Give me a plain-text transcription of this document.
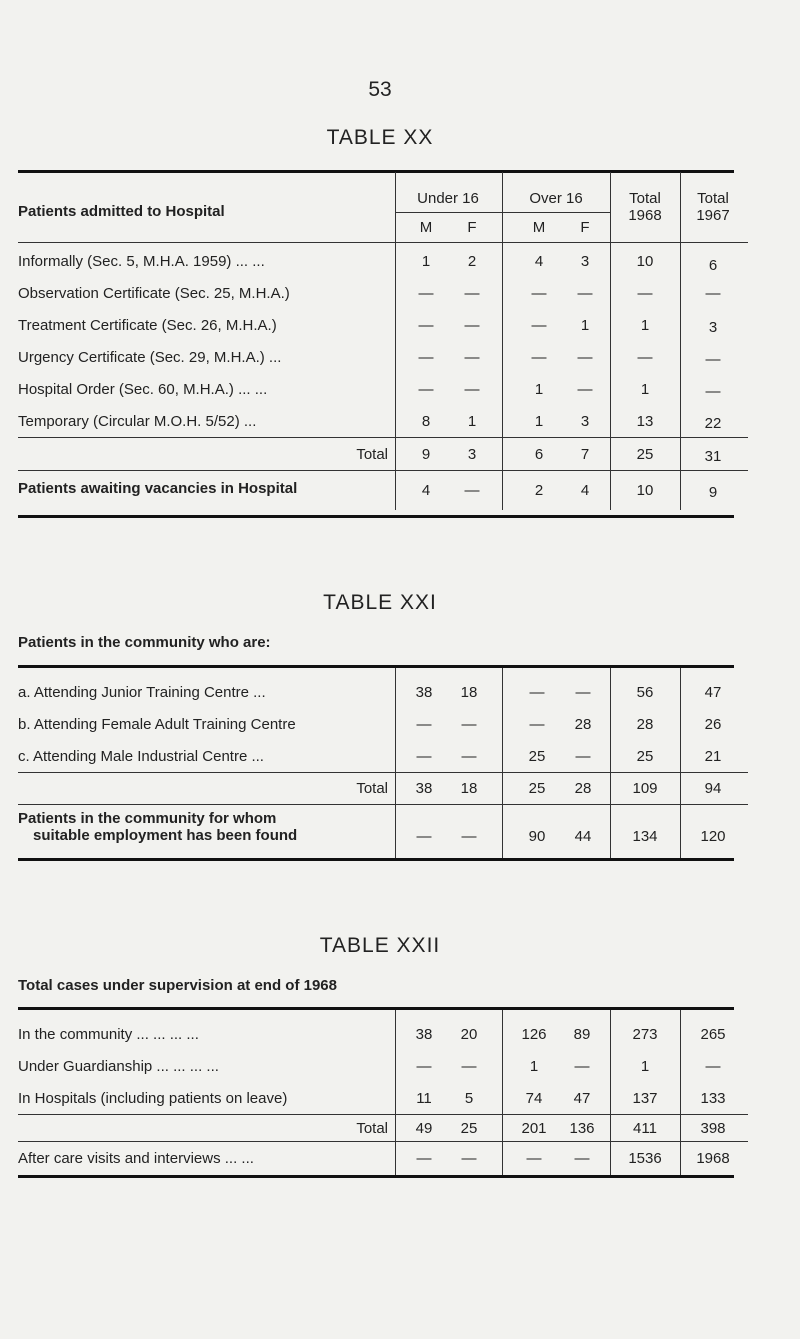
53
TABLE XX
Patients admitted to Hospital
Under 16	Over 16
M	F	M	F
Total
1968
Total
1967
Informally (Sec. 5, M.H.A. 1959) ... ...	1	2	4	3	10	6
Observation Certificate (Sec. 25, M.H.A.)	—	—	—	—	—	—
Treatment Certificate (Sec. 26, M.H.A.)	—	—	—	1	1	3
Urgency Certificate (Sec. 29, M.H.A.) ...	—	—	—	—	—	—
Hospital Order (Sec. 60, M.H.A.) ... ...	—	—	1	—	1	—
Temporary (Circular M.O.H. 5/52) ...	8	1	1	3	13	22
Total	9	3	6	7	25	31
Patients awaiting vacancies in Hospital	4	—	2	4	10	9
TABLE XXI
Patients in the community who are:
a. Attending Junior Training Centre ...	38	18	—	—	56	47
b. Attending Female Adult Training Centre	—	—	—	28	28	26
c. Attending Male Industrial Centre ...	—	—	25	—	25	21
Total	38	18	25	28	109	94
Patients in the community for whom
suitable employment has been found	—	—	90	44	134	120
TABLE XXII
Total cases under supervision at end of 1968
In the community ... ... ... ...	38	20	126	89	273	265
Under Guardianship ... ... ... ...	—	—	1	—	1	—
In Hospitals (including patients on leave)	11	5	74	47	137	133
Total	49	25	201	136	411	398
After care visits and interviews ... ...	—	—	—	—	1536	1968
